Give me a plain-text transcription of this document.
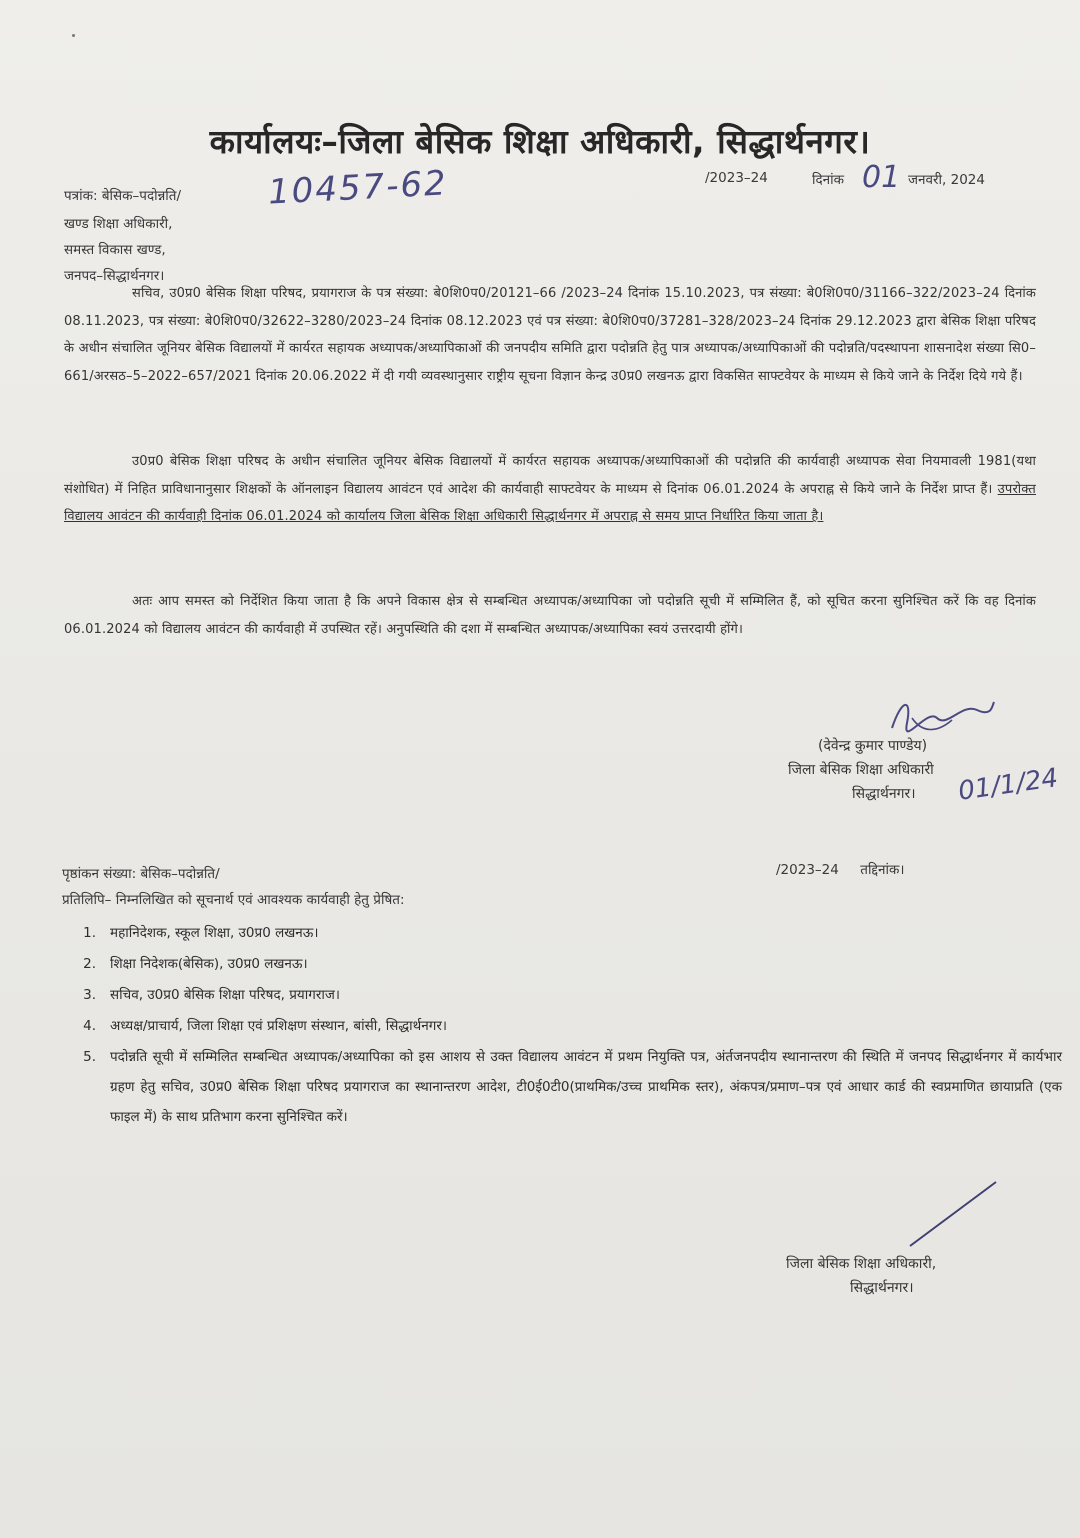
कार्यालयः–जिला बेसिक शिक्षा अधिकारी, सिद्धार्थनगर।
पत्रांक: बेसिक–पदोन्नति/	10457-62	/2023–24	दिनांक 01 जनवरी, 2024
खण्ड शिक्षा अधिकारी,
समस्त विकास खण्ड,
जनपद–सिद्धार्थनगर।
सचिव, उ0प्र0 बेसिक शिक्षा परिषद, प्रयागराज के पत्र संख्या: बे0शि0प0/20121–66 /2023–24 दिनांक 15.10.2023, पत्र संख्या: बे0शि0प0/31166–322/2023–24 दिनांक 08.11.2023, पत्र संख्या: बे0शि0प0/32622–3280/2023–24 दिनांक 08.12.2023 एवं पत्र संख्या: बे0शि0प0/37281–328/2023–24 दिनांक 29.12.2023 द्वारा बेसिक शिक्षा परिषद के अधीन संचालित जूनियर बेसिक विद्यालयों में कार्यरत सहायक अध्यापक/अध्यापिकाओं की जनपदीय समिति द्वारा पदोन्नति हेतु पात्र अध्यापक/अध्यापिकाओं की पदोन्नति/पदस्थापना शासनादेश संख्या सि0–661/अरसठ–5–2022–657/2021 दिनांक 20.06.2022 में दी गयी व्यवस्थानुसार राष्ट्रीय सूचना विज्ञान केन्द्र उ0प्र0 लखनऊ द्वारा विकसित साफ्टवेयर के माध्यम से किये जाने के निर्देश दिये गये हैं।
उ0प्र0 बेसिक शिक्षा परिषद के अधीन संचालित जूनियर बेसिक विद्यालयों में कार्यरत सहायक अध्यापक/अध्यापिकाओं की पदोन्नति की कार्यवाही अध्यापक सेवा नियमावली 1981(यथा संशोधित) में निहित प्राविधानानुसार शिक्षकों के ऑनलाइन विद्यालय आवंटन एवं आदेश की कार्यवाही साफ्टवेयर के माध्यम से दिनांक 06.01.2024 के अपराह्न से किये जाने के निर्देश प्राप्त हैं। उपरोक्त विद्यालय आवंटन की कार्यवाही दिनांक 06.01.2024 को कार्यालय जिला बेसिक शिक्षा अधिकारी सिद्धार्थनगर में अपराह्न से समय प्राप्त निर्धारित किया जाता है।
अतः आप समस्त को निर्देशित किया जाता है कि अपने विकास क्षेत्र से सम्बन्धित अध्यापक/अध्यापिका जो पदोन्नति सूची में सम्मिलित हैं, को सूचित करना सुनिश्चित करें कि वह दिनांक 06.01.2024 को विद्यालय आवंटन की कार्यवाही में उपस्थित रहें। अनुपस्थिति की दशा में सम्बन्धित अध्यापक/अध्यापिका स्वयं उत्तरदायी होंगे।
(देवेन्द्र कुमार पाण्डेय)
जिला बेसिक शिक्षा अधिकारी
सिद्धार्थनगर।	01/1/24
पृष्ठांकन संख्या: बेसिक–पदोन्नति/	/2023–24     तद्दिनांक।
प्रतिलिपि– निम्नलिखित को सूचनार्थ एवं आवश्यक कार्यवाही हेतु प्रेषित:
1.	महानिदेशक, स्कूल शिक्षा, उ0प्र0 लखनऊ।
2.	शिक्षा निदेशक(बेसिक), उ0प्र0 लखनऊ।
3.	सचिव, उ0प्र0 बेसिक शिक्षा परिषद, प्रयागराज।
4.	अध्यक्ष/प्राचार्य, जिला शिक्षा एवं प्रशिक्षण संस्थान, बांसी, सिद्धार्थनगर।
5.	पदोन्नति सूची में सम्मिलित सम्बन्धित अध्यापक/अध्यापिका को इस आशय से उक्त विद्यालय आवंटन में प्रथम नियुक्ति पत्र, अंर्तजनपदीय स्थानान्तरण की स्थिति में जनपद सिद्धार्थनगर में कार्यभार ग्रहण हेतु सचिव, उ0प्र0 बेसिक शिक्षा परिषद प्रयागराज का स्थानान्तरण आदेश, टी0ई0टी0(प्राथमिक/उच्च प्राथमिक स्तर), अंकपत्र/प्रमाण–पत्र एवं आधार कार्ड की स्वप्रमाणित छायाप्रति (एक फाइल में) के साथ प्रतिभाग करना सुनिश्चित करें।
जिला बेसिक शिक्षा अधिकारी,
सिद्धार्थनगर।
